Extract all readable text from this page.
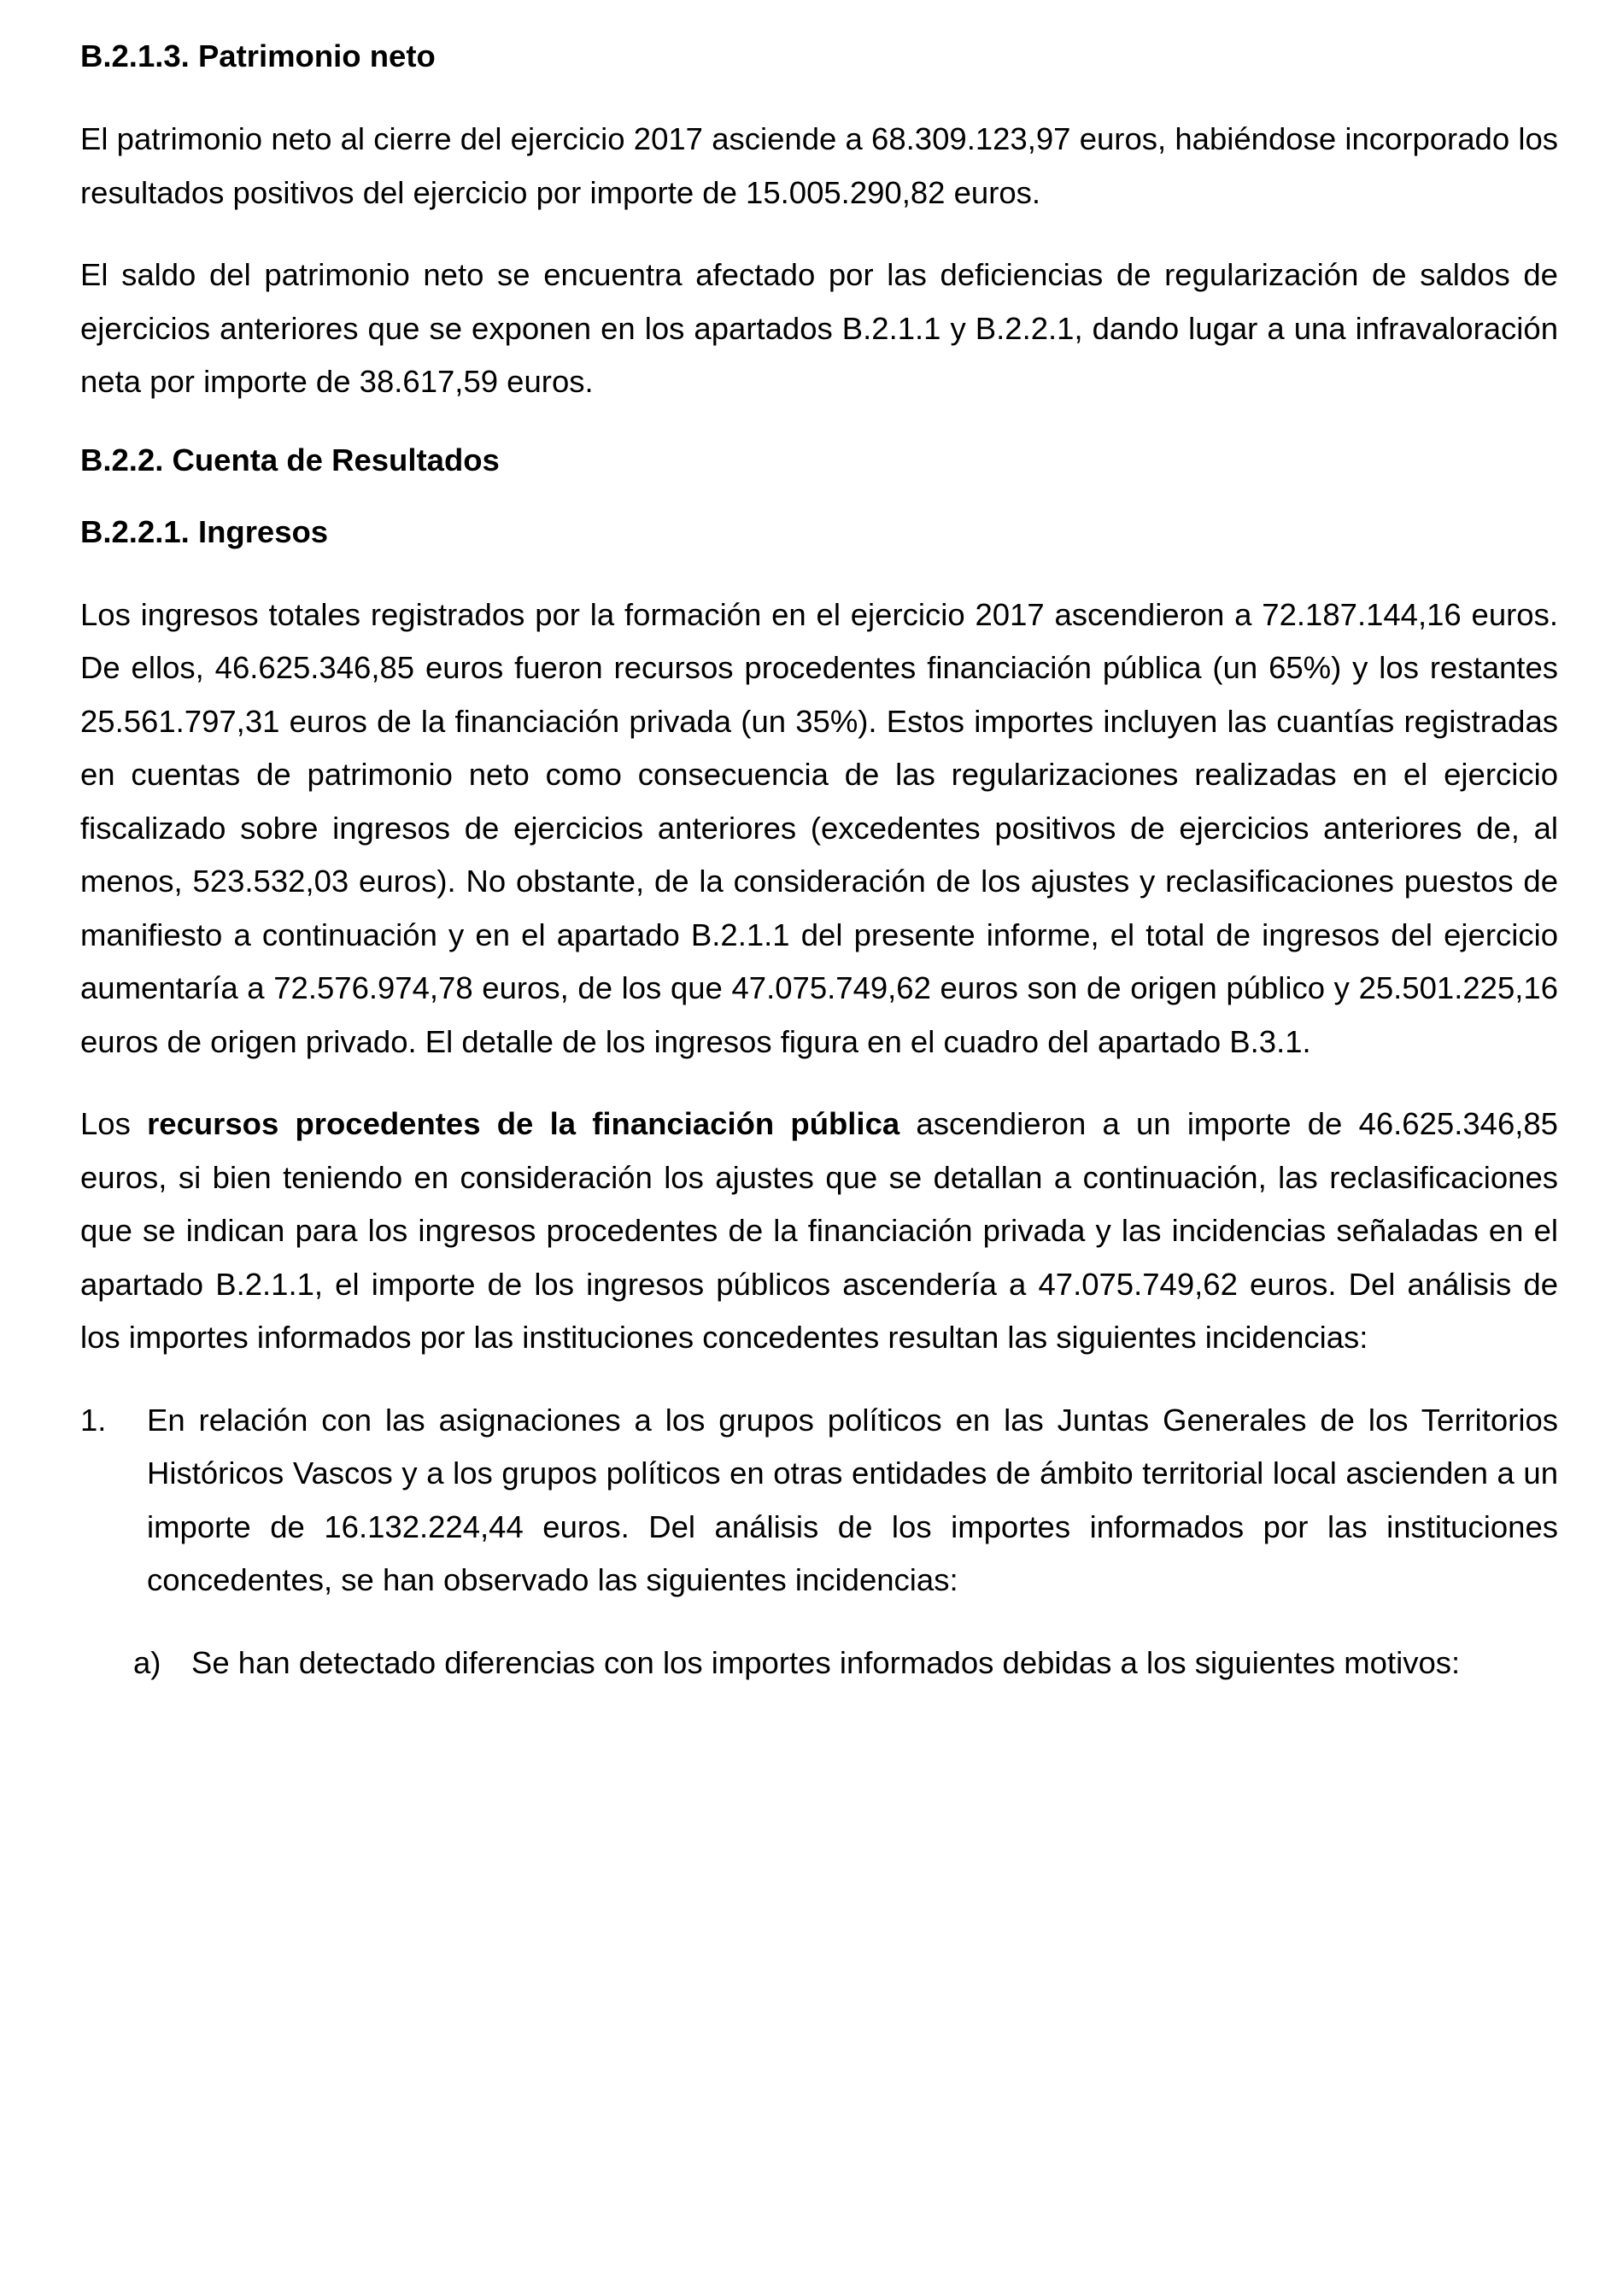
B.2.1.3. Patrimonio neto

El patrimonio neto al cierre del ejercicio 2017 asciende a 68.309.123,97 euros, habiéndose incorporado los resultados positivos del ejercicio por importe de 15.005.290,82 euros.

El saldo del patrimonio neto se encuentra afectado por las deficiencias de regularización de saldos de ejercicios anteriores que se exponen en los apartados B.2.1.1 y B.2.2.1, dando lugar a una infravaloración neta por importe de 38.617,59 euros.

B.2.2. Cuenta de Resultados
B.2.2.1. Ingresos

Los ingresos totales registrados por la formación en el ejercicio 2017 ascendieron a 72.187.144,16 euros. De ellos, 46.625.346,85 euros fueron recursos procedentes financiación pública (un 65%) y los restantes 25.561.797,31 euros de la financiación privada (un 35%). Estos importes incluyen las cuantías registradas en cuentas de patrimonio neto como consecuencia de las regularizaciones realizadas en el ejercicio fiscalizado sobre ingresos de ejercicios anteriores (excedentes positivos de ejercicios anteriores de, al menos, 523.532,03 euros). No obstante, de la consideración de los ajustes y reclasificaciones puestos de manifiesto a continuación y en el apartado B.2.1.1 del presente informe, el total de ingresos del ejercicio aumentaría a 72.576.974,78 euros, de los que 47.075.749,62 euros son de origen público y 25.501.225,16 euros de origen privado. El detalle de los ingresos figura en el cuadro del apartado B.3.1.

Los recursos procedentes de la financiación pública ascendieron a un importe de 46.625.346,85 euros, si bien teniendo en consideración los ajustes que se detallan a continuación, las reclasificaciones que se indican para los ingresos procedentes de la financiación privada y las incidencias señaladas en el apartado B.2.1.1, el importe de los ingresos públicos ascendería a 47.075.749,62 euros. Del análisis de los importes informados por las instituciones concedentes resultan las siguientes incidencias:

1. En relación con las asignaciones a los grupos políticos en las Juntas Generales de los Territorios Históricos Vascos y a los grupos políticos en otras entidades de ámbito territorial local ascienden a un importe de 16.132.224,44 euros. Del análisis de los importes informados por las instituciones concedentes, se han observado las siguientes incidencias:
a) Se han detectado diferencias con los importes informados debidas a los siguientes motivos:
